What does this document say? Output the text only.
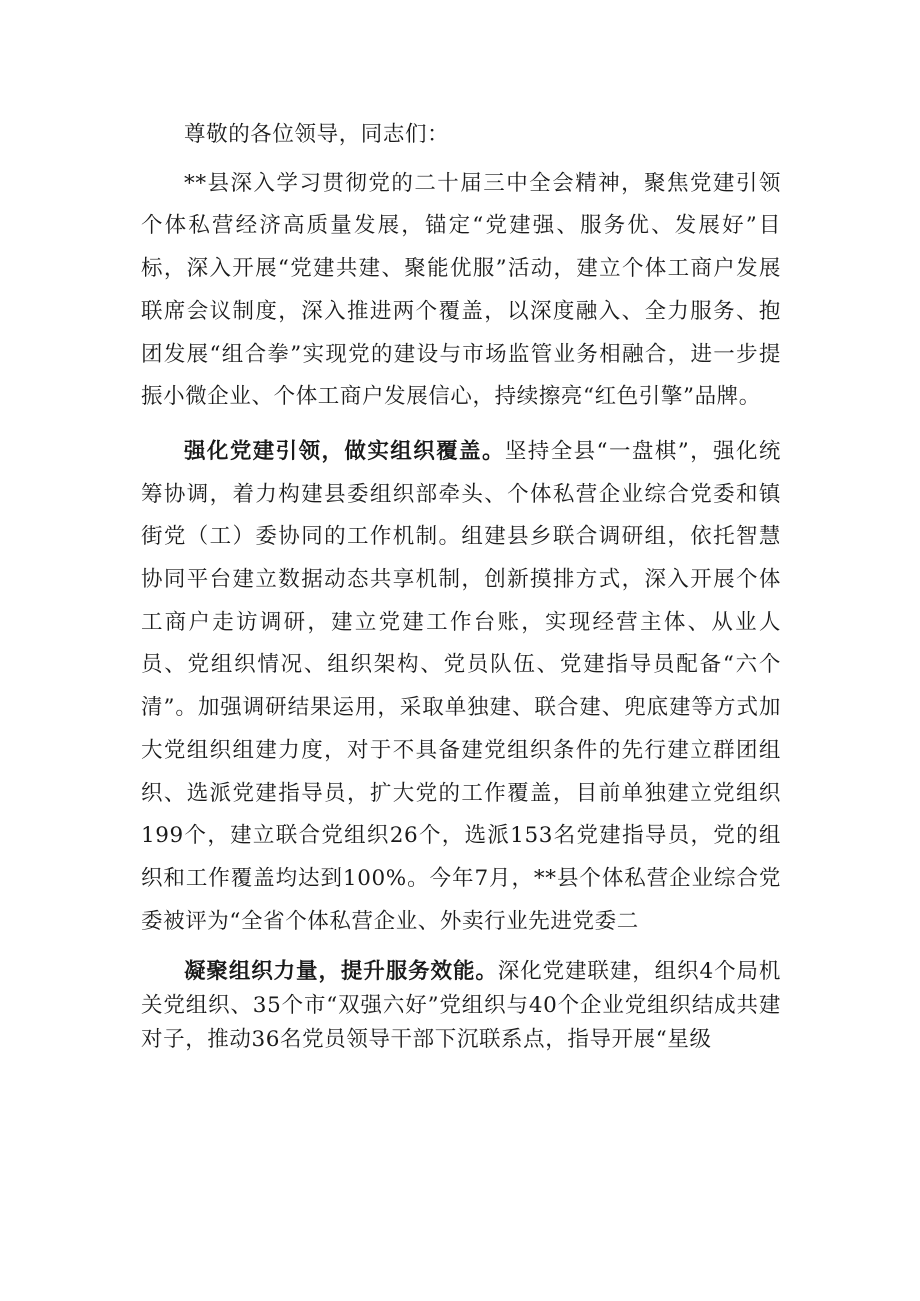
尊敬的各位领导，同志们：

**县深入学习贯彻党的二十届三中全会精神，聚焦党建引领个体私营经济高质量发展，锚定“党建强、服务优、发展好”目标，深入开展“党建共建、聚能优服”活动，建立个体工商户发展联席会议制度，深入推进两个覆盖，以深度融入、全力服务、抱团发展“组合拳”实现党的建设与市场监管业务相融合，进一步提振小微企业、个体工商户发展信心，持续擦亮“红色引擎”品牌。

强化党建引领，做实组织覆盖。坚持全县“一盘棋”，强化统筹协调，着力构建县委组织部牵头、个体私营企业综合党委和镇街党（工）委协同的工作机制。组建县乡联合调研组，依托智慧协同平台建立数据动态共享机制，创新摸排方式，深入开展个体工商户走访调研，建立党建工作台账，实现经营主体、从业人员、党组织情况、组织架构、党员队伍、党建指导员配备“六个清”。加强调研结果运用，采取单独建、联合建、兜底建等方式加大党组织组建力度，对于不具备建党组织条件的先行建立群团组织、选派党建指导员，扩大党的工作覆盖，目前单独建立党组织199个，建立联合党组织26个，选派153名党建指导员，党的组织和工作覆盖均达到100%。今年7月，**县个体私营企业综合党委被评为“全省个体私营企业、外卖行业先进党委二

凝聚组织力量，提升服务效能。深化党建联建，组织4个局机关党组织、35个市“双强六好”党组织与40个企业党组织结成共建对子，推动36名党员领导干部下沉联系点，指导开展“星级
